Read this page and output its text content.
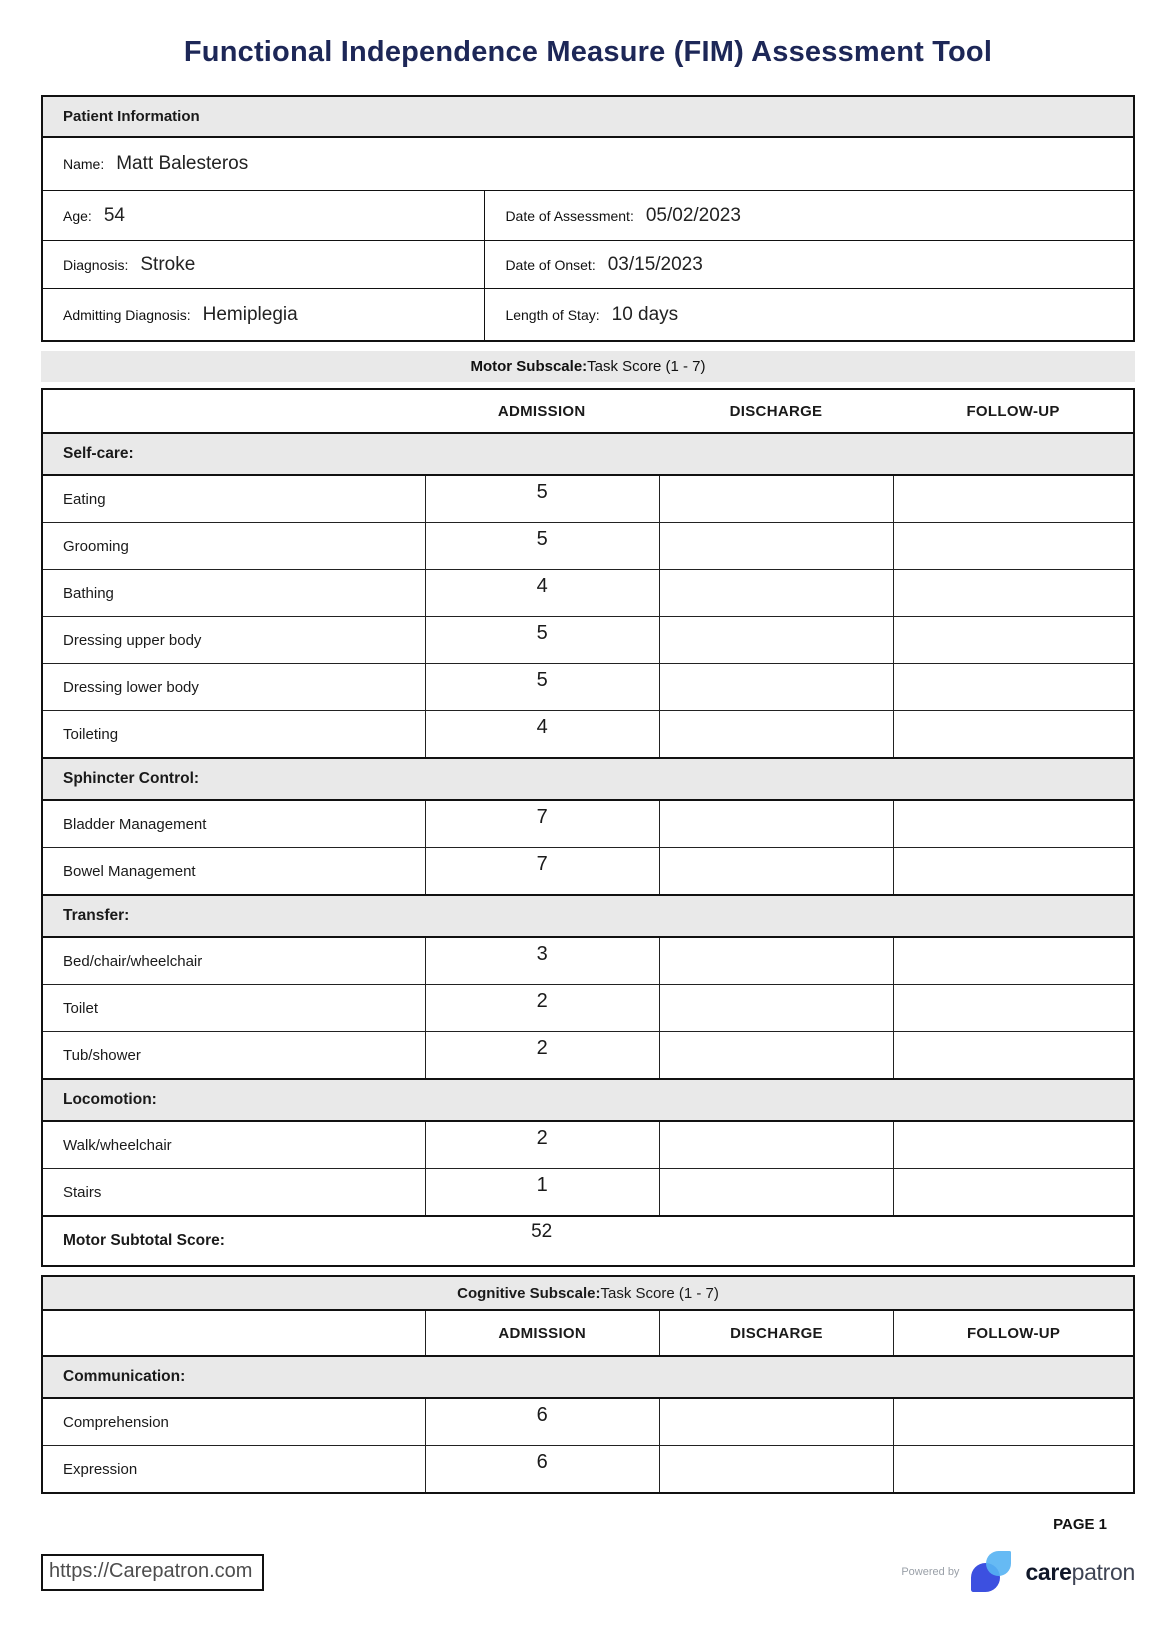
Functional Independence Measure (FIM) Assessment Tool
Patient Information
Name: Matt Balesteros
Age: 54	Date of Assessment: 05/02/2023
Diagnosis: Stroke	Date of Onset: 03/15/2023
Admitting Diagnosis: Hemiplegia	Length of Stay: 10 days
Motor Subscale: Task Score (1 - 7)
ADMISSION	DISCHARGE	FOLLOW-UP
Self-care:
Eating	5
Grooming	5
Bathing	4
Dressing upper body	5
Dressing lower body	5
Toileting	4
Sphincter Control:
Bladder Management	7
Bowel Management	7
Transfer:
Bed/chair/wheelchair	3
Toilet	2
Tub/shower	2
Locomotion:
Walk/wheelchair	2
Stairs	1
Motor Subtotal Score:	52
Cognitive Subscale: Task Score (1 - 7)
ADMISSION	DISCHARGE	FOLLOW-UP
Communication:
Comprehension	6
Expression	6
PAGE 1
https://Carepatron.com	Powered by	carepatron
